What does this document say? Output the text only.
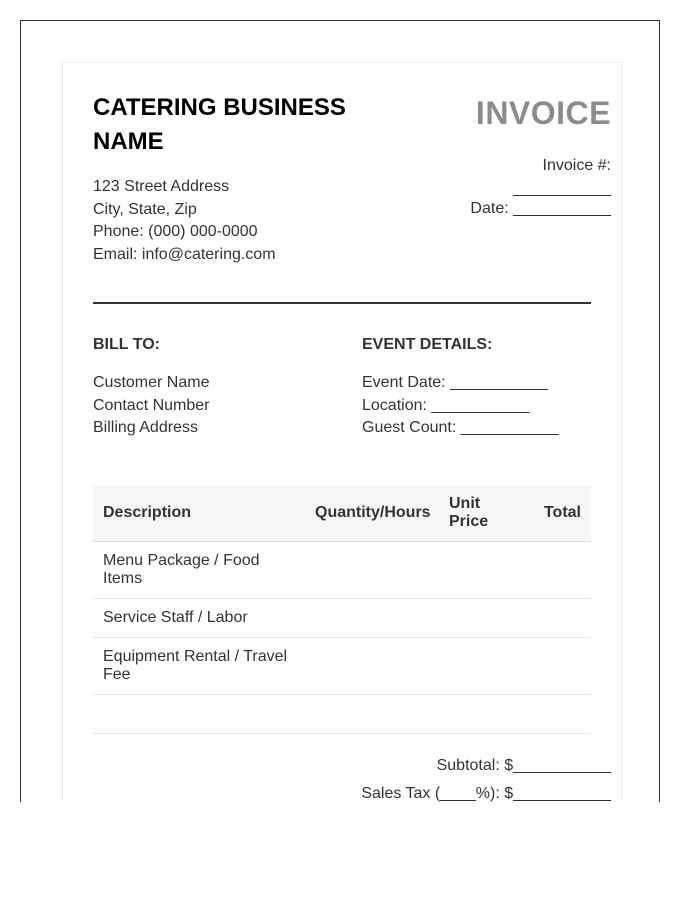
CATERING BUSINESS NAME
123 Street Address
City, State, Zip
Phone: (000) 000-0000
Email: info@catering.com
INVOICE
Invoice #:
___________
Date: ___________
BILL TO:
Customer Name
Contact Number
Billing Address
EVENT DETAILS:
Event Date: ___________
Location: ___________
Guest Count: ___________
Description	Quantity/Hours	Unit Price	Total
Menu Package / Food Items			
Service Staff / Labor			
Equipment Rental / Travel Fee			

Subtotal: $___________
Sales Tax (____%): $___________
